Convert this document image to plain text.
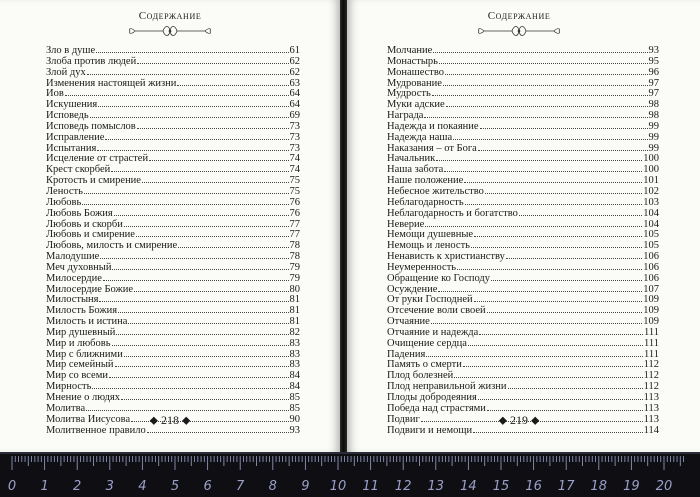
Содержание
Зло в душе	61
Злоба против людей	62
Злой дух	62
Изменения настоящей жизни	63
Иов	64
Искушения	64
Исповедь	69
Исповедь помыслов	73
Исправление	73
Испытания	73
Исцеление от страстей	74
Крест скорбей	74
Кротость и смирение	75
Леность	75
Любовь	76
Любовь Божия	76
Любовь и скорби	77
Любовь и смирение	77
Любовь, милость и смирение	78
Малодушие	78
Меч духовный	79
Милосердие	79
Милосердие Божие	80
Милостыня	81
Милость Божия	81
Милость и истина	81
Мир душевный	82
Мир и любовь	83
Мир с ближними	83
Мир семейный	83
Мир со всеми	84
Мирность	84
Мнение о людях	85
Молитва	85
Молитва Иисусова	90
Молитвенное правило	93
⬥ 218 ⬥
Содержание
Молчание	93
Монастырь	95
Монашество	96
Мудрование	97
Мудрость	97
Муки адские	98
Награда	98
Надежда и покаяние	99
Надежда наша	99
Наказания – от Бога	99
Начальник	100
Наша забота	100
Наше положение	101
Небесное жительство	102
Неблагодарность	103
Неблагодарность и богатство	104
Неверие	104
Немощи душевные	105
Немощь и леность	105
Ненависть к христианству	106
Неумеренность	106
Обращение ко Господу	106
Осуждение	107
От руки Господней	109
Отсечение воли своей	109
Отчаяние	109
Отчаяние и надежда	111
Очищение сердца	111
Падения	111
Память о смерти	112
Плод болезней	112
Плод неправильной жизни	112
Плоды добродеяния	113
Победа над страстями	113
Подвиг	113
Подвиги и немощи	114
⬥ 219 ⬥
0 1 2 3 4 5 6 7 8 9 10 11 12 13 14 15 16 17 18 19 20
